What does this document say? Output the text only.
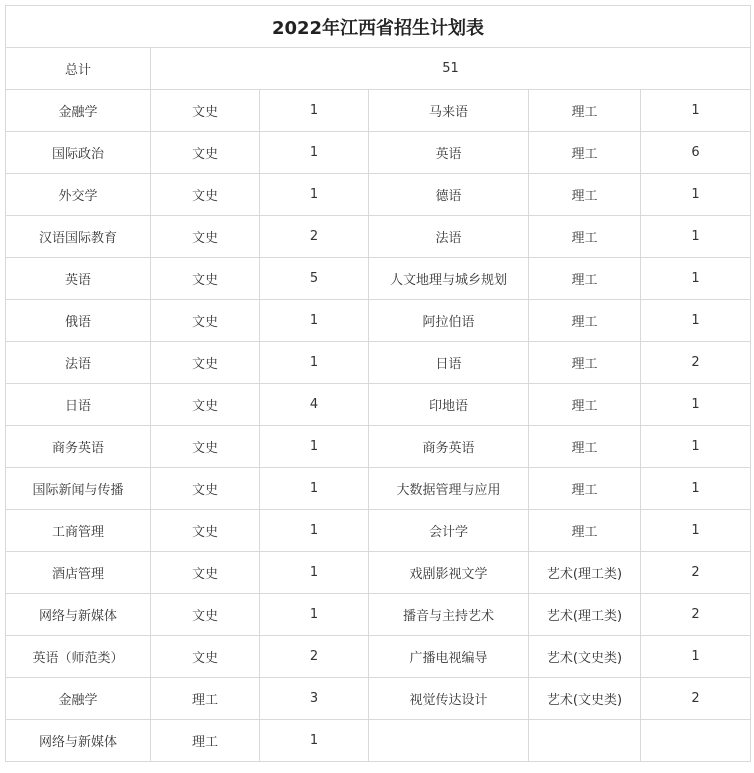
2022年江西省招生计划表					
总计	51				
金融学	文史	1	马来语	理工	1
国际政治	文史	1	英语	理工	6
外交学	文史	1	德语	理工	1
汉语国际教育	文史	2	法语	理工	1
英语	文史	5	人文地理与城乡规划	理工	1
俄语	文史	1	阿拉伯语	理工	1
法语	文史	1	日语	理工	2
日语	文史	4	印地语	理工	1
商务英语	文史	1	商务英语	理工	1
国际新闻与传播	文史	1	大数据管理与应用	理工	1
工商管理	文史	1	会计学	理工	1
酒店管理	文史	1	戏剧影视文学	艺术(理工类)	2
网络与新媒体	文史	1	播音与主持艺术	艺术(理工类)	2
英语（师范类）	文史	2	广播电视编导	艺术(文史类)	1
金融学	理工	3	视觉传达设计	艺术(文史类)	2
网络与新媒体	理工	1			
